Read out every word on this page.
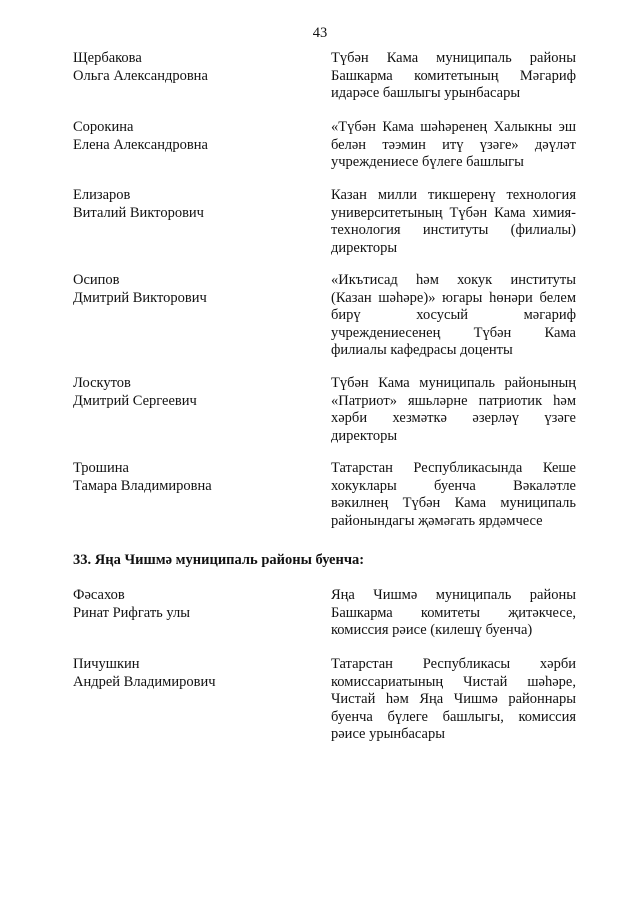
43
Щербакова
Ольга Александровна
Түбән Кама муниципаль районы
Башкарма комитетының Мәгариф
идарәсе башлыгы урынбасары
Сорокина
Елена Александровна
«Түбән Кама шәһәренең Халыкны эш
белән тәэмин итү үзәге» дәүләт
учреждениесе бүлеге башлыгы
Елизаров
Виталий Викторович
Казан милли тикшеренү технология
университетының Түбән Кама химия-
технология институты (филиалы)
директоры
Осипов
Дмитрий Викторович
«Икътисад һәм хокук институты
(Казан шәһәре)» югары һөнәри белем
бирү хосусый мәгариф
учреждениесенең Түбән Кама
филиалы кафедрасы доценты
Лоскутов
Дмитрий Сергеевич
Түбән Кама муниципаль районының
«Патриот» яшьләрне патриотик һәм
хәрби хезмәткә әзерләү үзәге
директоры
Трошина
Тамара Владимировна
Татарстан Республикасында Кеше
хокуклары буенча Вәкаләтле
вәкилнең Түбән Кама муниципаль
районындагы җәмәгать ярдәмчесе
33. Яңа Чишмә муниципаль районы буенча:
Фәсахов
Ринат Рифгать улы
Яңа Чишмә муниципаль районы
Башкарма комитеты җитәкчесе,
комиссия рәисе (килешү буенча)
Пичушкин
Андрей Владимирович
Татарстан Республикасы хәрби
комиссариатының Чистай шәһәре,
Чистай һәм Яңа Чишмә районнары
буенча бүлеге башлыгы, комиссия
рәисе урынбасары
